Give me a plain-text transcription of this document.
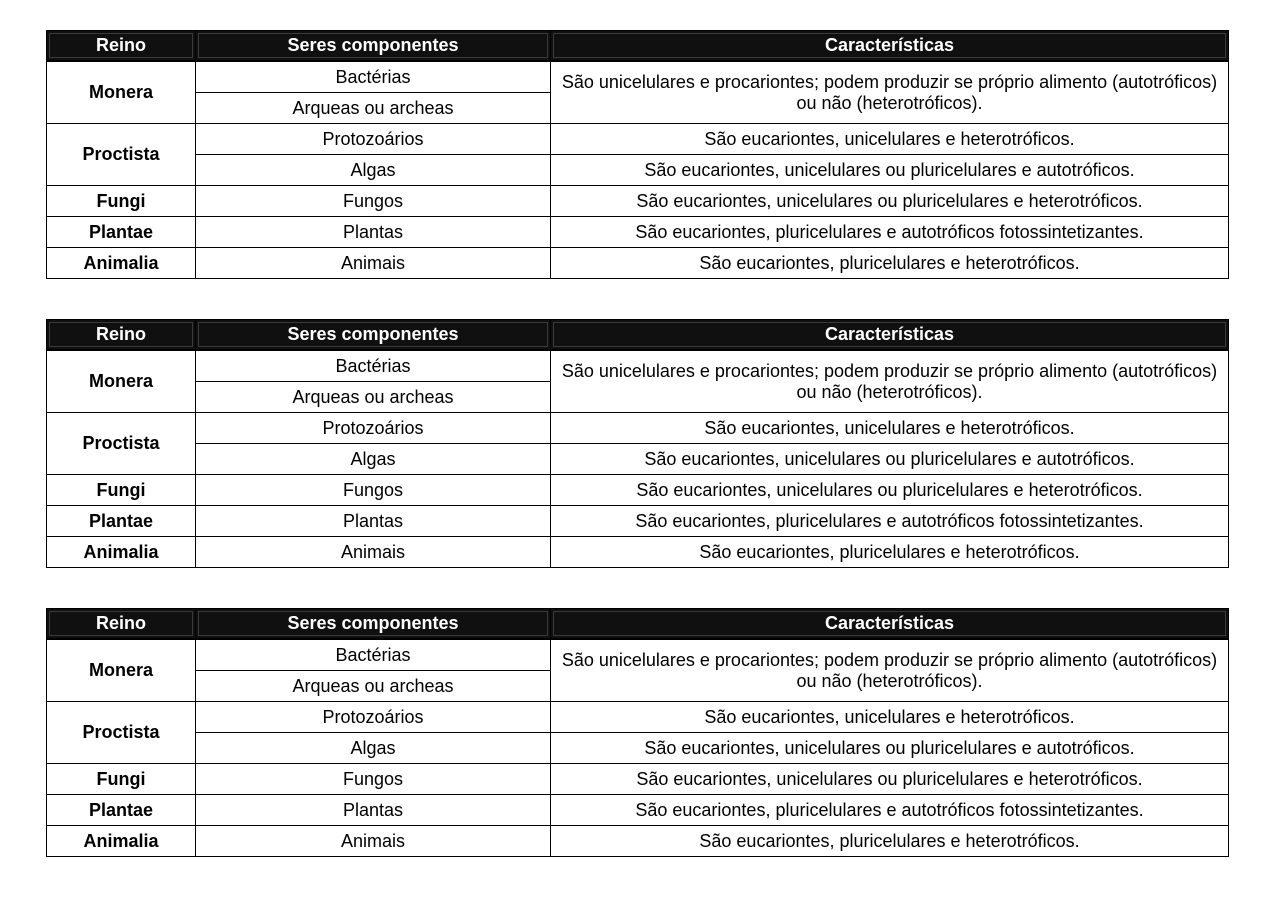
Reino	Seres componentes	Características
Monera	Bactérias	São unicelulares e procariontes; podem produzir se próprio alimento (autotróficos) ou não (heterotróficos).
	Arqueas ou archeas	
Proctista	Protozoários	São eucariontes, unicelulares e heterotróficos.
	Algas	São eucariontes, unicelulares ou pluricelulares e autotróficos.
Fungi	Fungos	São eucariontes, unicelulares ou pluricelulares e heterotróficos.
Plantae	Plantas	São eucariontes, pluricelulares e autotróficos fotossintetizantes.
Animalia	Animais	São eucariontes, pluricelulares e heterotróficos.
Reino	Seres componentes	Características
Monera	Bactérias	São unicelulares e procariontes; podem produzir se próprio alimento (autotróficos) ou não (heterotróficos).
	Arqueas ou archeas	
Proctista	Protozoários	São eucariontes, unicelulares e heterotróficos.
	Algas	São eucariontes, unicelulares ou pluricelulares e autotróficos.
Fungi	Fungos	São eucariontes, unicelulares ou pluricelulares e heterotróficos.
Plantae	Plantas	São eucariontes, pluricelulares e autotróficos fotossintetizantes.
Animalia	Animais	São eucariontes, pluricelulares e heterotróficos.
Reino	Seres componentes	Características
Monera	Bactérias	São unicelulares e procariontes; podem produzir se próprio alimento (autotróficos) ou não (heterotróficos).
	Arqueas ou archeas	
Proctista	Protozoários	São eucariontes, unicelulares e heterotróficos.
	Algas	São eucariontes, unicelulares ou pluricelulares e autotróficos.
Fungi	Fungos	São eucariontes, unicelulares ou pluricelulares e heterotróficos.
Plantae	Plantas	São eucariontes, pluricelulares e autotróficos fotossintetizantes.
Animalia	Animais	São eucariontes, pluricelulares e heterotróficos.
